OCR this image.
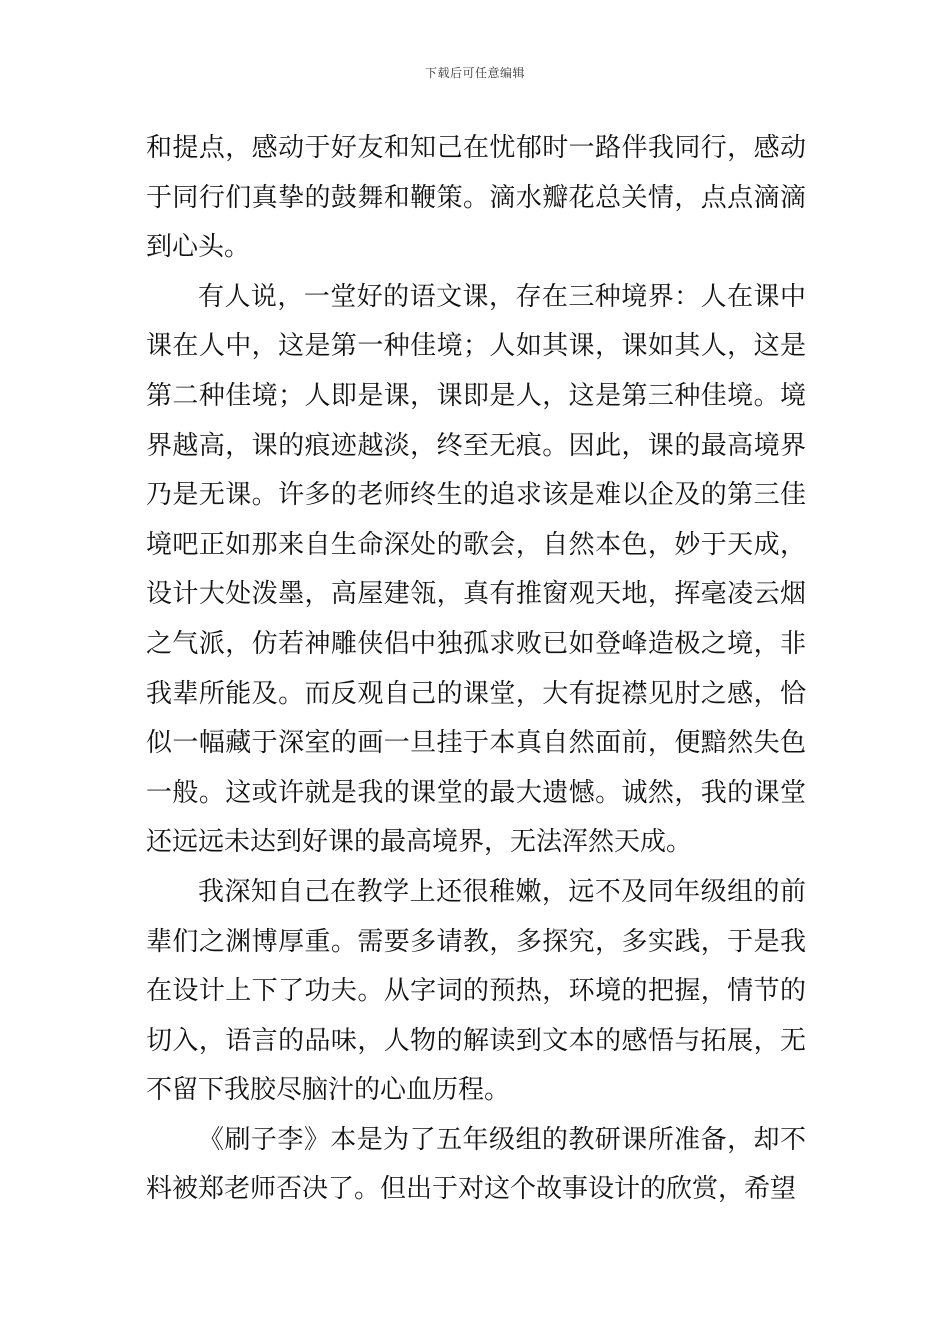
下载后可任意编辑

和提点，感动于好友和知己在忧郁时一路伴我同行，感动于同行们真挚的鼓舞和鞭策。滴水瓣花总关情，点点滴滴到心头。

有人说，一堂好的语文课，存在三种境界：人在课中课在人中，这是第一种佳境；人如其课，课如其人，这是第二种佳境；人即是课，课即是人，这是第三种佳境。境界越高，课的痕迹越淡，终至无痕。因此，课的最高境界乃是无课。许多的老师终生的追求该是难以企及的第三佳境吧正如那来自生命深处的歌会，自然本色，妙于天成，设计大处泼墨，高屋建瓴，真有推窗观天地，挥毫凌云烟之气派，仿若神雕侠侣中独孤求败已如登峰造极之境，非我辈所能及。而反观自己的课堂，大有捉襟见肘之感，恰似一幅藏于深室的画一旦挂于本真自然面前，便黯然失色一般。这或许就是我的课堂的最大遗憾。诚然，我的课堂还远远未达到好课的最高境界，无法浑然天成。

我深知自己在教学上还很稚嫩，远不及同年级组的前辈们之渊博厚重。需要多请教，多探究，多实践，于是我在设计上下了功夫。从字词的预热，环境的把握，情节的切入，语言的品味，人物的解读到文本的感悟与拓展，无不留下我胶尽脑汁的心血历程。

《刷子李》本是为了五年级组的教研课所准备，却不料被郑老师否决了。但出于对这个故事设计的欣赏，希望
